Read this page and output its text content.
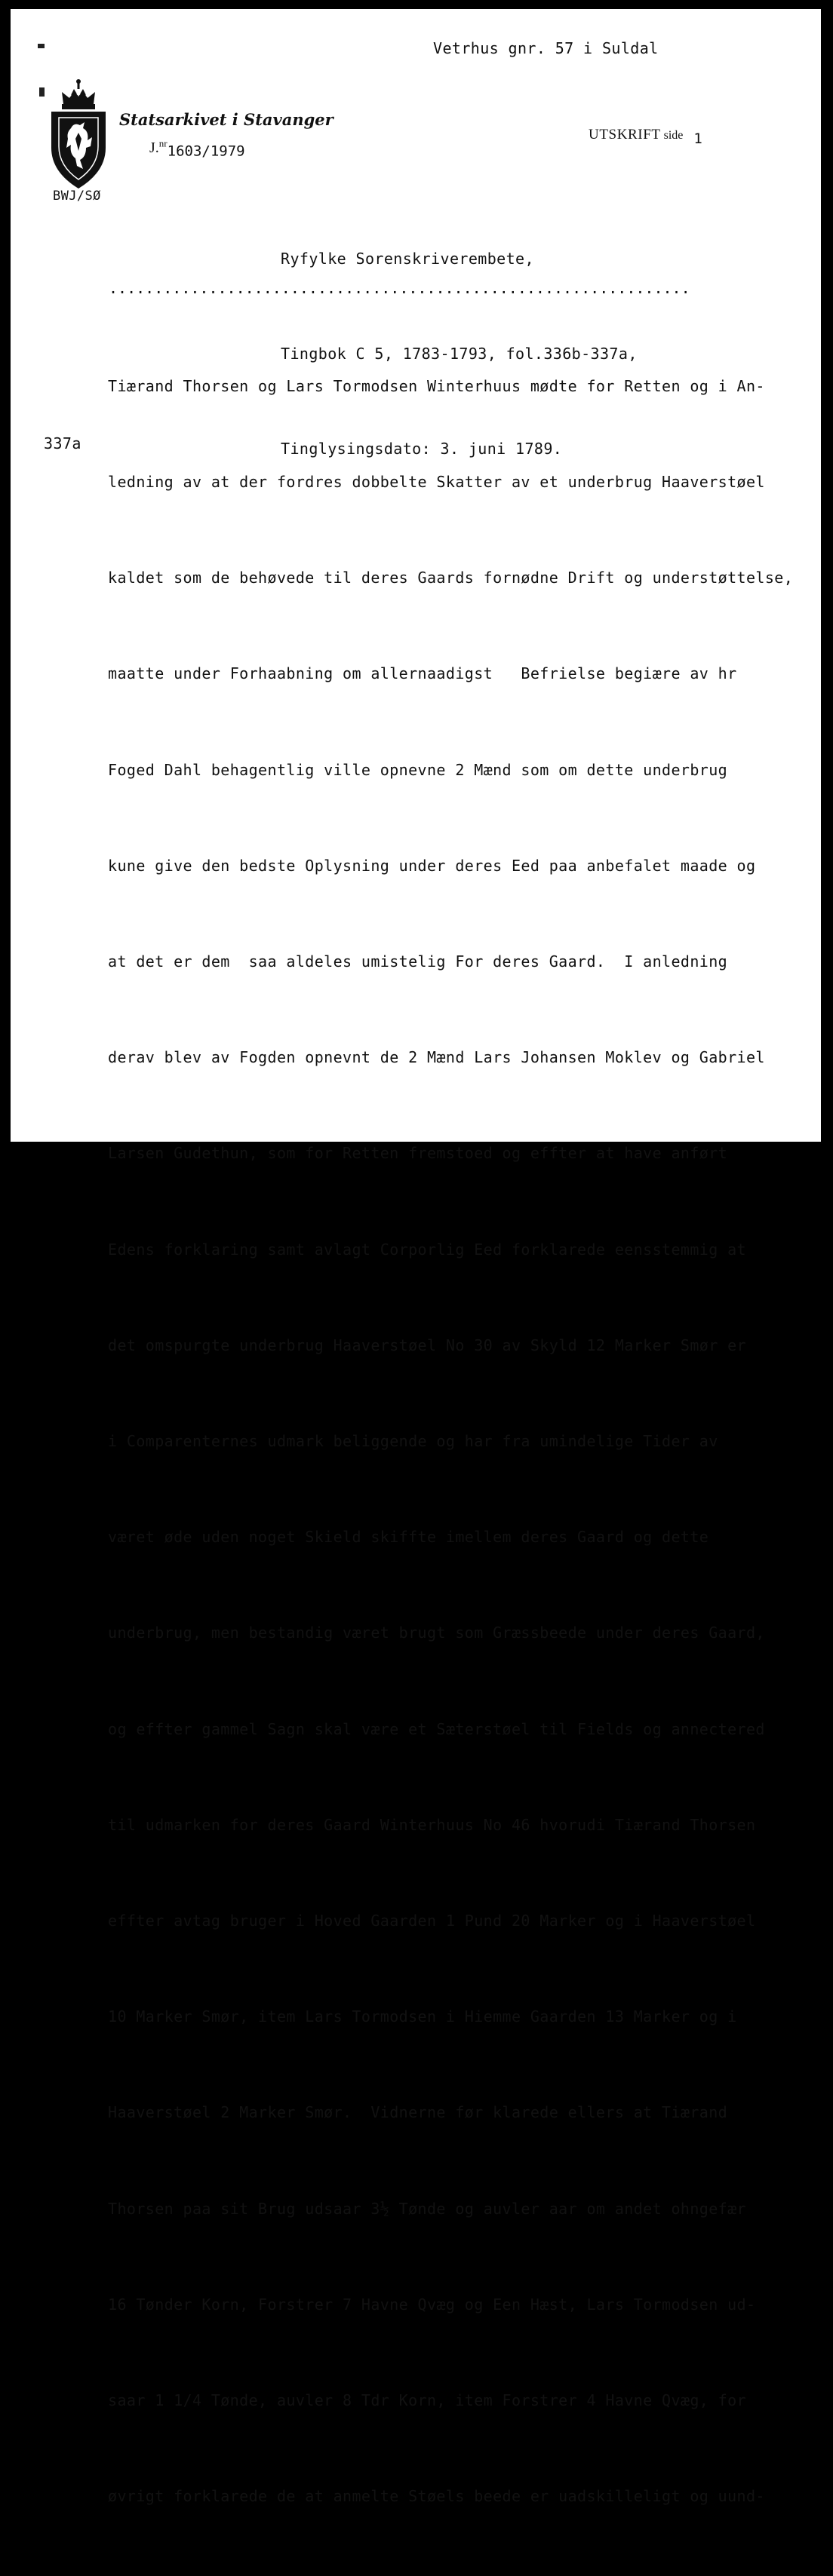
Vetrhus gnr. 57 i Suldal
Statsarkivet i Stavanger
J.$^{nr}$1603/1979
UTSKRIFT side 1
BWJ/SØ

Ryfylke Sorenskriverembete,

Tingbok C 5, 1783-1793, fol.336b-337a,

Tinglysingsdato: 3. juni 1789.

................................................................
337a

Tiærand Thorsen og Lars Tormodsen Winterhuus mødte for Retten og i An-

ledning av at der fordres dobbelte Skatter av et underbrug Haaverstøel

kaldet som de behøvede til deres Gaards fornødne Drift og understøttelse,

maatte under Forhaabning om allernaadigst   Befrielse begiære av hr

Foged Dahl behagentlig ville opnevne 2 Mænd som om dette underbrug

kune give den bedste Oplysning under deres Eed paa anbefalet maade og

at det er dem  saa aldeles umistelig For deres Gaard.  I anledning

derav blev av Fogden opnevnt de 2 Mænd Lars Johansen Moklev og Gabriel

Larsen Gudethun, som for Retten fremstoed og effter at have anført

Edens forklaring samt avlagt Corporlig Eed forklarede eensstemmig at

det omspurgte underbrug Haaverstøel No 30 av Skyld 12 Marker Smør er

i Comparenternes udmark beliggende og har fra umindelige Tider av

været øde uden noget Skield skiffte imellem deres Gaard og dette

underbrug, men bestandig været brugt som Græssbeede under deres Gaard,

og effter gammel Sagn skal være et Sæterstøel til Fields og annectered

til udmarken for deres Gaard Winterhuus No 46 hvorudi Tiærand Thorsen

effter avtag bruger i Hoved Gaarden 1 Pund 20 Marker og i Haaverstøel

10 Marker Smør, item Lars Tormodsen i Hiemme Gaarden 13 Marker og i

Haaverstøel 2 Marker Smør.  Vidnerne før klarede ellers at Tiærand

Thorsen paa sit Brug udsaar 3½ Tønde og auvler aar om andet ohngefær

16 Tønder Korn, Forstrer 7 Havne Qvæg og Een Hæst, Lars Tormodsen ud-

saar 1 1/4 Tønde, auvler 8 Tdr Korn, item Forstrer 4 Havne Qvæg, for

øvrigt forklarede de at anmelte Støels beede er uadskilleligt og uund-
